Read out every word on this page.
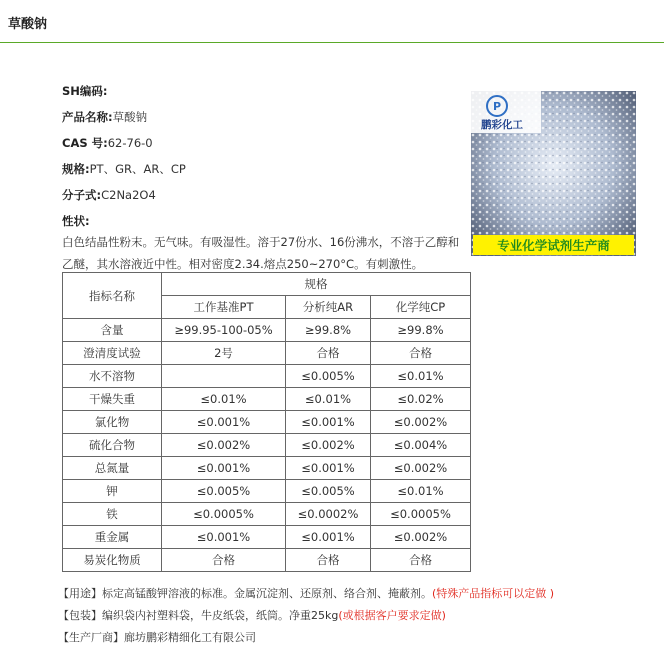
草酸钠
SH编码:
产品名称:草酸钠
CAS 号:62-76-0
规格:PT、GR、AR、CP
分子式:C2Na2O4
性状:
白色结晶性粉末。无气味。有吸湿性。溶于27份水、16份沸水，不溶于乙醇和
乙醚，其水溶液近中性。相对密度2.34.熔点250~270°C。有刺激性。
P
鹏彩化工
专业化学试剂生产商
指标名称	规格		
	工作基准PT	分析纯AR	化学纯CP
含量	≥99.95-100-05%	≥99.8%	≥99.8%
澄清度试验	2号	合格	合格
水不溶物		≤0.005%	≤0.01%
干燥失重	≤0.01%	≤0.01%	≤0.02%
氯化物	≤0.001%	≤0.001%	≤0.002%
硫化合物	≤0.002%	≤0.002%	≤0.004%
总氮量	≤0.001%	≤0.001%	≤0.002%
钾	≤0.005%	≤0.005%	≤0.01%
铁	≤0.0005%	≤0.0002%	≤0.0005%
重金属	≤0.001%	≤0.001%	≤0.002%
易炭化物质	合格	合格	合格
【用途】标定高锰酸钾溶液的标准。金属沉淀剂、还原剂、络合剂、掩蔽剂。(特殊产品指标可以定做 )
【包装】编织袋内衬塑料袋，牛皮纸袋，纸筒。净重25kg(或根据客户要求定做)
【生产厂商】廊坊鹏彩精细化工有限公司
